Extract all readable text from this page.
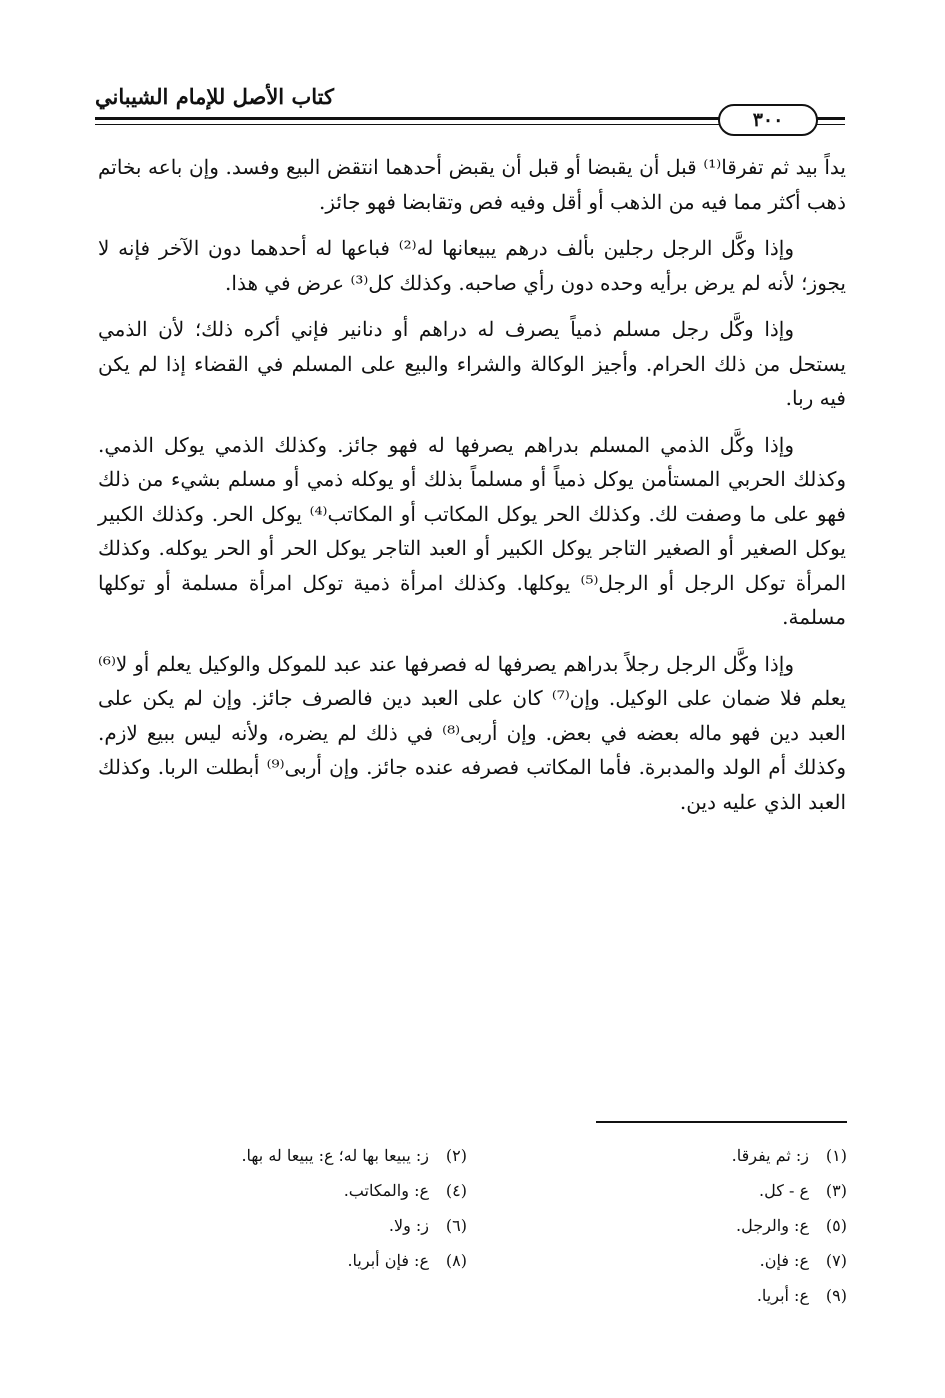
كتاب الأصل للإمام الشيباني
٣٠٠

يداً بيد ثم تفرقا⁽¹⁾ قبل أن يقبضا أو قبل أن يقبض أحدهما انتقض البيع وفسد. وإن باعه بخاتم ذهب أكثر مما فيه من الذهب أو أقل وفيه فص وتقابضا فهو جائز.

وإذا وكَّل الرجل رجلين بألف درهم يبيعانها له⁽²⁾ فباعها له أحدهما دون الآخر فإنه لا يجوز؛ لأنه لم يرض برأيه وحده دون رأي صاحبه. وكذلك كل⁽³⁾ عرض في هذا.

وإذا وكَّل رجل مسلم ذمياً يصرف له دراهم أو دنانير فإني أكره ذلك؛ لأن الذمي يستحل من ذلك الحرام. وأجيز الوكالة والشراء والبيع على المسلم في القضاء إذا لم يكن فيه ربا.

وإذا وكَّل الذمي المسلم بدراهم يصرفها له فهو جائز. وكذلك الذمي يوكل الذمي. وكذلك الحربي المستأمن يوكل ذمياً أو مسلماً بذلك أو يوكله ذمي أو مسلم بشيء من ذلك فهو على ما وصفت لك. وكذلك الحر يوكل المكاتب أو المكاتب⁽⁴⁾ يوكل الحر. وكذلك الكبير يوكل الصغير أو الصغير التاجر يوكل الكبير أو العبد التاجر يوكل الحر أو الحر يوكله. وكذلك المرأة توكل الرجل أو الرجل⁽⁵⁾ يوكلها. وكذلك امرأة ذمية توكل امرأة مسلمة أو توكلها مسلمة.

وإذا وكَّل الرجل رجلاً بدراهم يصرفها له فصرفها عند عبد للموكل والوكيل يعلم أو لا⁽⁶⁾ يعلم فلا ضمان على الوكيل. وإن⁽⁷⁾ كان على العبد دين فالصرف جائز. وإن لم يكن على العبد دين فهو ماله بعضه في بعض. وإن أربى⁽⁸⁾ في ذلك لم يضره، ولأنه ليس ببيع لازم. وكذلك أم الولد والمدبرة. فأما المكاتب فصرفه عنده جائز. وإن أربى⁽⁹⁾ أبطلت الربا. وكذلك العبد الذي عليه دين.

(١)ز: ثم يفرقا.
(٣)ع - كل.
(٥)ع: والرجل.
(٧)ع: فإن.
(٩)ع: أبريا.
(٢)ز: يبيعا بها له؛ ع: يبيعا له بها.
(٤)ع: والمكاتب.
(٦)ز: ولا.
(٨)ع: فإن أبريا.
